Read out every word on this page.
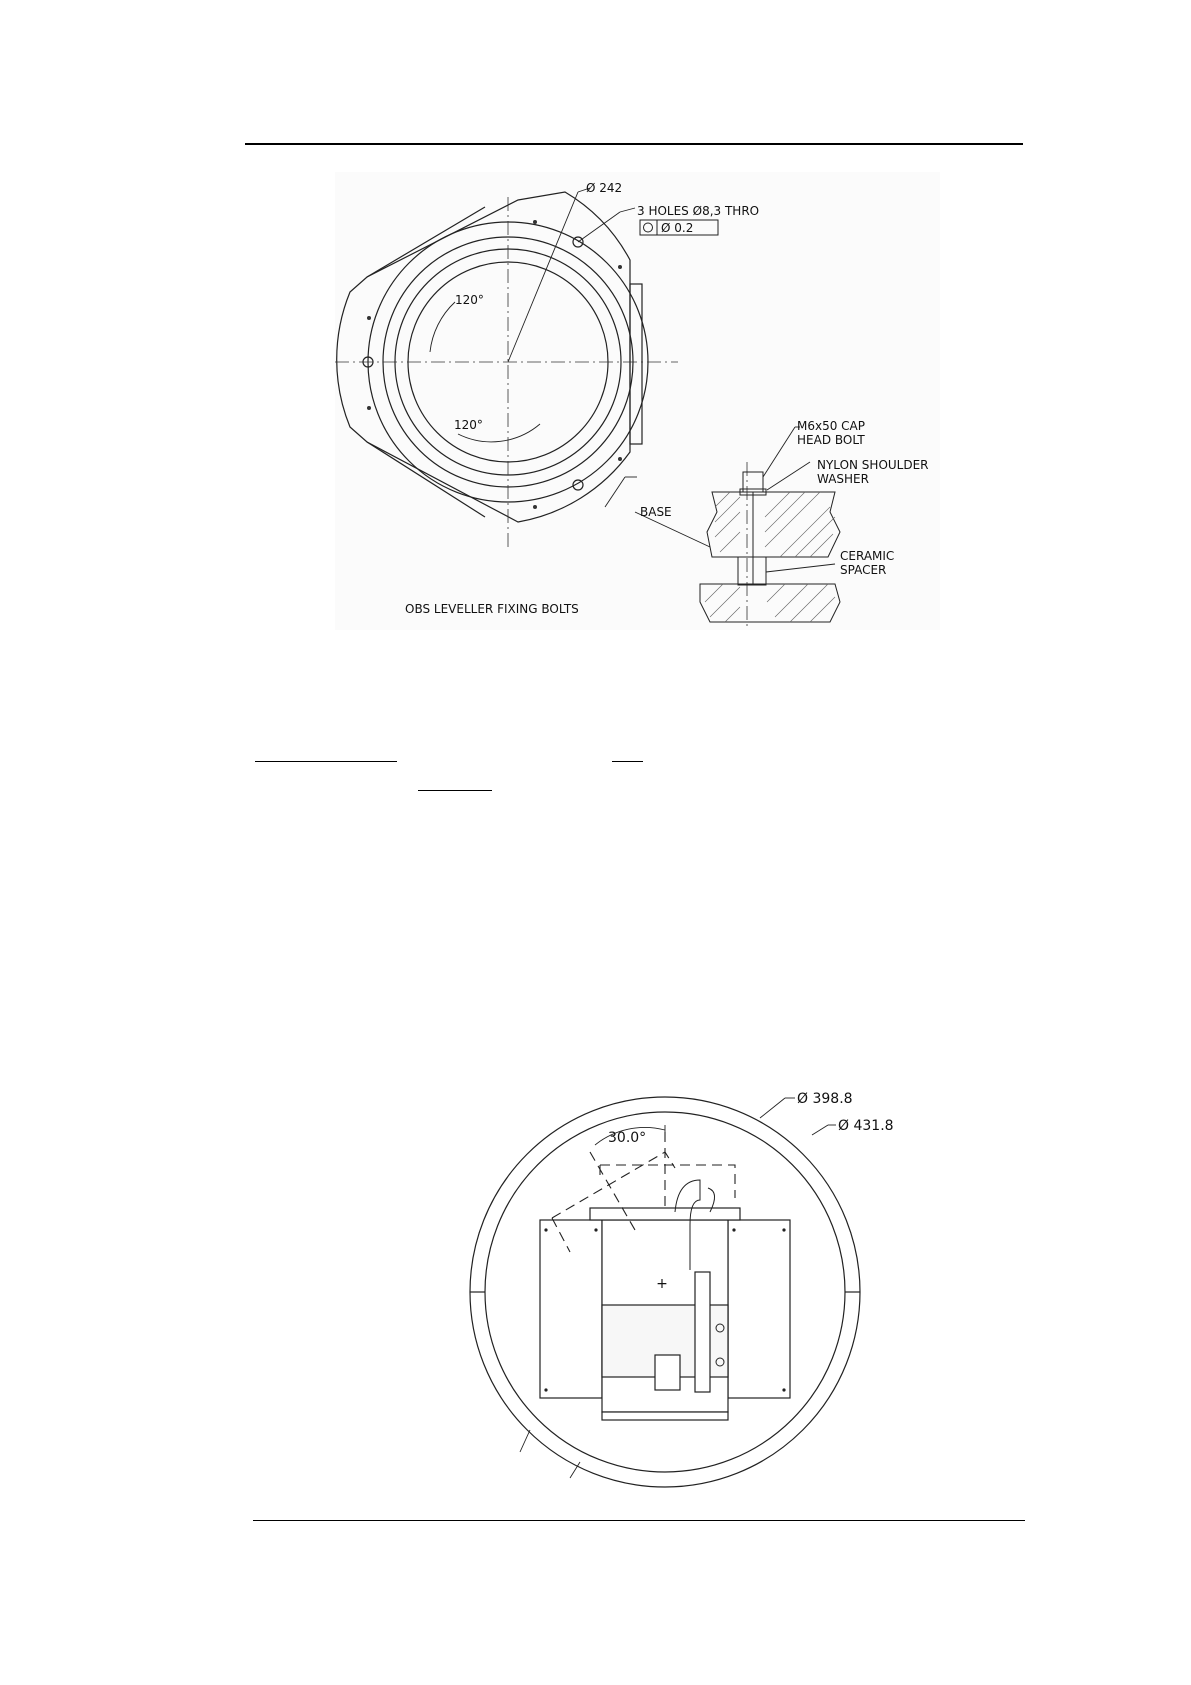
Ø 242
3 HOLES Ø8,3 THRO
Ø 0.2
120°
120°	M6x50 CAP
HEAD BOLT
NYLON SHOULDER
WASHER
BASE
CERAMIC
SPACER
OBS LEVELLER FIXING BOLTS
+
30.0°
Ø 398.8
Ø 431.8
